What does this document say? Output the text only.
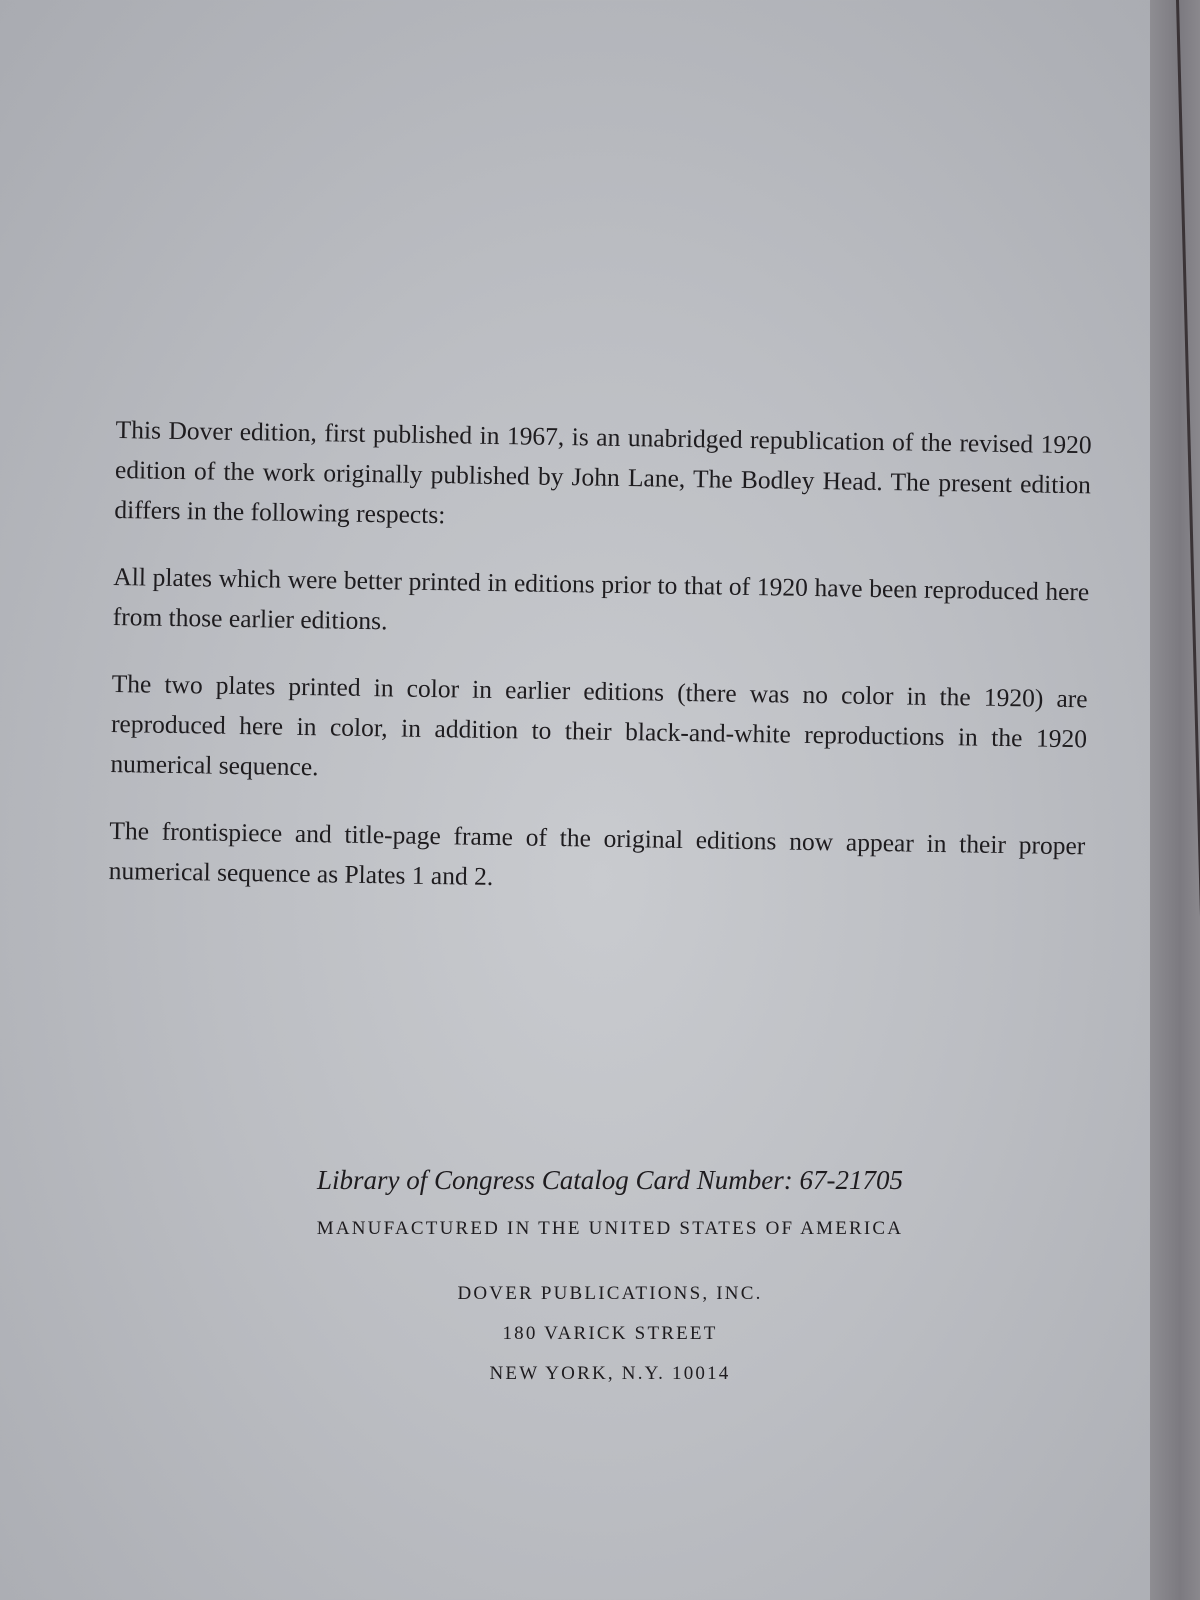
This Dover edition, first published in 1967, is an unabridged republication of the revised 1920 edition of the work originally published by John Lane, The Bodley Head. The present edition differs in the following respects:

All plates which were better printed in editions prior to that of 1920 have been reproduced here from those earlier editions.

The two plates printed in color in earlier editions (there was no color in the 1920) are reproduced here in color, in addition to their black-and-white reproductions in the 1920 numerical sequence.

The frontispiece and title-page frame of the original editions now appear in their proper numerical sequence as Plates 1 and 2.

Library of Congress Catalog Card Number: 67-21705

MANUFACTURED IN THE UNITED STATES OF AMERICA

DOVER PUBLICATIONS, INC.

180 VARICK STREET

NEW YORK, N.Y. 10014
